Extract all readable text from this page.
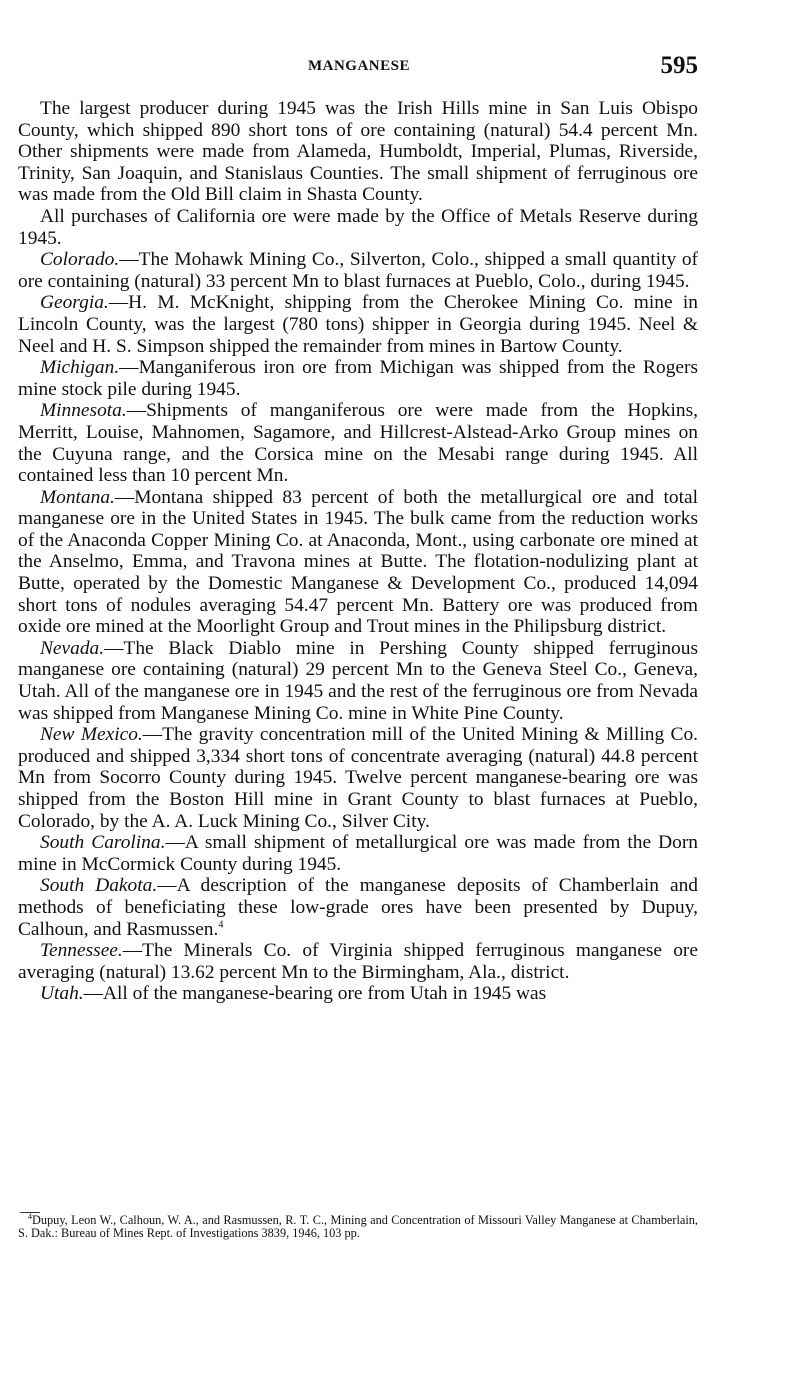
MANGANESE	595

The largest producer during 1945 was the Irish Hills mine in San Luis Obispo County, which shipped 890 short tons of ore containing (natural) 54.4 percent Mn. Other shipments were made from Alameda, Humboldt, Imperial, Plumas, Riverside, Trinity, San Joaquin, and Stanislaus Counties. The small shipment of ferruginous ore was made from the Old Bill claim in Shasta County.

All purchases of California ore were made by the Office of Metals Reserve during 1945.

Colorado.—The Mohawk Mining Co., Silverton, Colo., shipped a small quantity of ore containing (natural) 33 percent Mn to blast furnaces at Pueblo, Colo., during 1945.

Georgia.—H. M. McKnight, shipping from the Cherokee Mining Co. mine in Lincoln County, was the largest (780 tons) shipper in Georgia during 1945. Neel & Neel and H. S. Simpson shipped the remainder from mines in Bartow County.

Michigan.—Manganiferous iron ore from Michigan was shipped from the Rogers mine stock pile during 1945.

Minnesota.—Shipments of manganiferous ore were made from the Hopkins, Merritt, Louise, Mahnomen, Sagamore, and Hillcrest-Alstead-Arko Group mines on the Cuyuna range, and the Corsica mine on the Mesabi range during 1945. All contained less than 10 percent Mn.

Montana.—Montana shipped 83 percent of both the metallurgical ore and total manganese ore in the United States in 1945. The bulk came from the reduction works of the Anaconda Copper Mining Co. at Anaconda, Mont., using carbonate ore mined at the Anselmo, Emma, and Travona mines at Butte. The flotation-nodulizing plant at Butte, operated by the Domestic Manganese & Development Co., produced 14,094 short tons of nodules averaging 54.47 percent Mn. Battery ore was produced from oxide ore mined at the Moorlight Group and Trout mines in the Philipsburg district.

Nevada.—The Black Diablo mine in Pershing County shipped ferruginous manganese ore containing (natural) 29 percent Mn to the Geneva Steel Co., Geneva, Utah. All of the manganese ore in 1945 and the rest of the ferruginous ore from Nevada was shipped from Manganese Mining Co. mine in White Pine County.

New Mexico.—The gravity concentration mill of the United Mining & Milling Co. produced and shipped 3,334 short tons of concentrate averaging (natural) 44.8 percent Mn from Socorro County during 1945. Twelve percent manganese-bearing ore was shipped from the Boston Hill mine in Grant County to blast furnaces at Pueblo, Colorado, by the A. A. Luck Mining Co., Silver City.

South Carolina.—A small shipment of metallurgical ore was made from the Dorn mine in McCormick County during 1945.

South Dakota.—A description of the manganese deposits of Chamberlain and methods of beneficiating these low-grade ores have been presented by Dupuy, Calhoun, and Rasmussen.$^4$

Tennessee.—The Minerals Co. of Virginia shipped ferruginous manganese ore averaging (natural) 13.62 percent Mn to the Birmingham, Ala., district.

Utah.—All of the manganese-bearing ore from Utah in 1945 was

$^4$Dupuy, Leon W., Calhoun, W. A., and Rasmussen, R. T. C., Mining and Concentration of Missouri Valley Manganese at Chamberlain, S. Dak.: Bureau of Mines Rept. of Investigations 3839, 1946, 103 pp.
